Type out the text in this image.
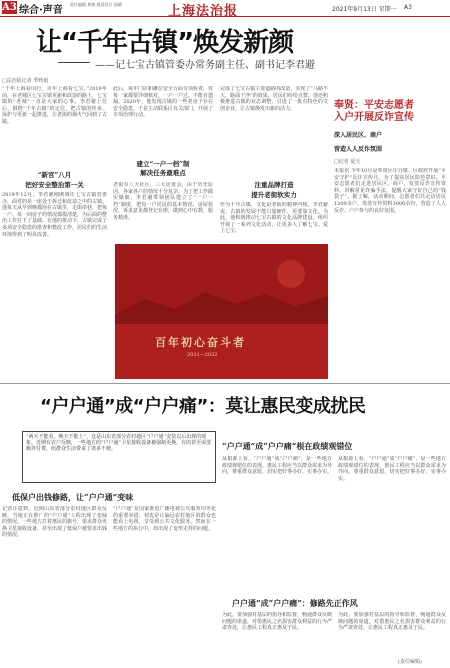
A3 综合·声音
责任编辑 黄榕 视觉设计 邵晓	上海法治报	2021年9月13日 星期一 A3
让“千年古镇”焕发新颜
——记七宝古镇管委办常务副主任、副书记李君避
□法治报记者 季秋雨
“千年上海看闵行，百年上海看七宝。”2019年前，在老城区七宝古镇更新和改造的路上，七宝镇的“老城”一直是大家的心事。李君避上任后，围绕“千年古镇”的定位，把古镇的传承、保护与更新一起推进，让老街的烟火气回到了古镇。
“新官”八月
把好安全整治第一关
2019年12月，李君避刚刚调任七宝古镇管委办，面对的是一座处于拆迁和改造之中的古镇。他每天从早到晚都泡在古镇里，走街串巷，把每一户、每一间房子的情况都摸清楚，为后面的整治工作打下了基础。在他的推动下，古镇完成了多项安全隐患的排查和整改工作，居民们的生活环境得到了明显改善。
此后，每年门店和摊位安全方面专项检查，对每一家都要详细核对，一户一户过，不能有遗漏。2020年，他发现古镇的一些老房子存在安全隐患，于是主动联系区有关部门，开展了专项治理行动。
建立“一户一档”制
解决任务最难点
老街有八大社区，三大居委会，由于历史原因，各家各户的情况十分复杂。为了把工作做实做细，李君避带领团队建立了“一户一档”制度，把每一户居民的基本情况、房屋状况、诉求意见都登记在册，做到心中有数，服务精准。
完成了七宝古镇主要道路的改造，实现了“马路不大，路面干净”的效果，居民们纷纷点赞。他还积极推进古镇的业态调整，引进了一批有特色的文创企业，让古镇焕发出新的活力。
注重品牌打造
提升老街软实力
作为千年古镇，文化是老街的精神内核。李君避说，古镇的发展不能只靠硬件，更要靠文化。为此，他积极推动七宝古镇的文化品牌建设，组织开展了一系列文化活动，让更多人了解七宝、爱上七宝。
奉贤：平安志愿者
入户开展反诈宣传
深入居民区、商户
营造人人反诈氛围
□记者 夏天
本报讯 今年10月是奉贤区庄行镇、区政府开展“平安守护”反诈宣传月。为了提高居民防范意识，平安志愿者们走进居民区、商户，发放反诈宣传资料，讲解常见诈骗手法，提醒大家守好自己的“钱袋子”。据了解，活动期间，志愿者们共走访居民1200余户，发放宣传资料3000余份，营造了人人反诈、户户参与的良好氛围。
百年初心奋斗者
2021—2022
“户户通”成“户户痛”：莫让惠民变成扰民
“两天不能看，晚天不能上”，这是山东省部分农村地区“户户通”安装以后出现的现象。近期有农户反映，一些地方的“户户通”卫星接收设备被强制更换，有的甚至需要额外付费，给群众生活带来了诸多不便。
低保户出钱修路，让“户户通”变味
记者注意到，近期山东省部分农村地区群众反映，当地正在推广的“户户通”工程出现了变味的情况。一些地方打着惠民的旗号，要求群众更换卫星接收设备，甚至出现了低保户被要求出钱的情况。
“户户通”是国家推进广播电视公共服务均等化的重要举措，初衷是让偏远农村地区的群众也能看上电视，享受到公共文化服务。然而在一些地方的执行中，却出现了变形走样的问题。
“户户通”成“户户痛”根在政绩观错位
从根源上看，“户户通”成“户户痛”，是一些地方政绩观错位的表现。惠民工程应当以群众需求为导向，尊重群众意愿，切实把好事办好、实事办实。
从根源上看，“户户通”成“户户痛”，是一些地方政绩观错位的表现。惠民工程应当以群众需求为导向，尊重群众意愿，切实把好事办好、实事办实。
户户通”成“户户痛”：修路先正作风
为此，要加强对基层的指导和监督，畅通群众反映问题的渠道，对借惠民之名损害群众利益的行为严肃查处，让惠民工程真正惠及于民。
为此，要加强对基层的指导和监督，畅通群众反映问题的渠道，对借惠民之名损害群众利益的行为严肃查处，让惠民工程真正惠及于民。
(责任编辑)
